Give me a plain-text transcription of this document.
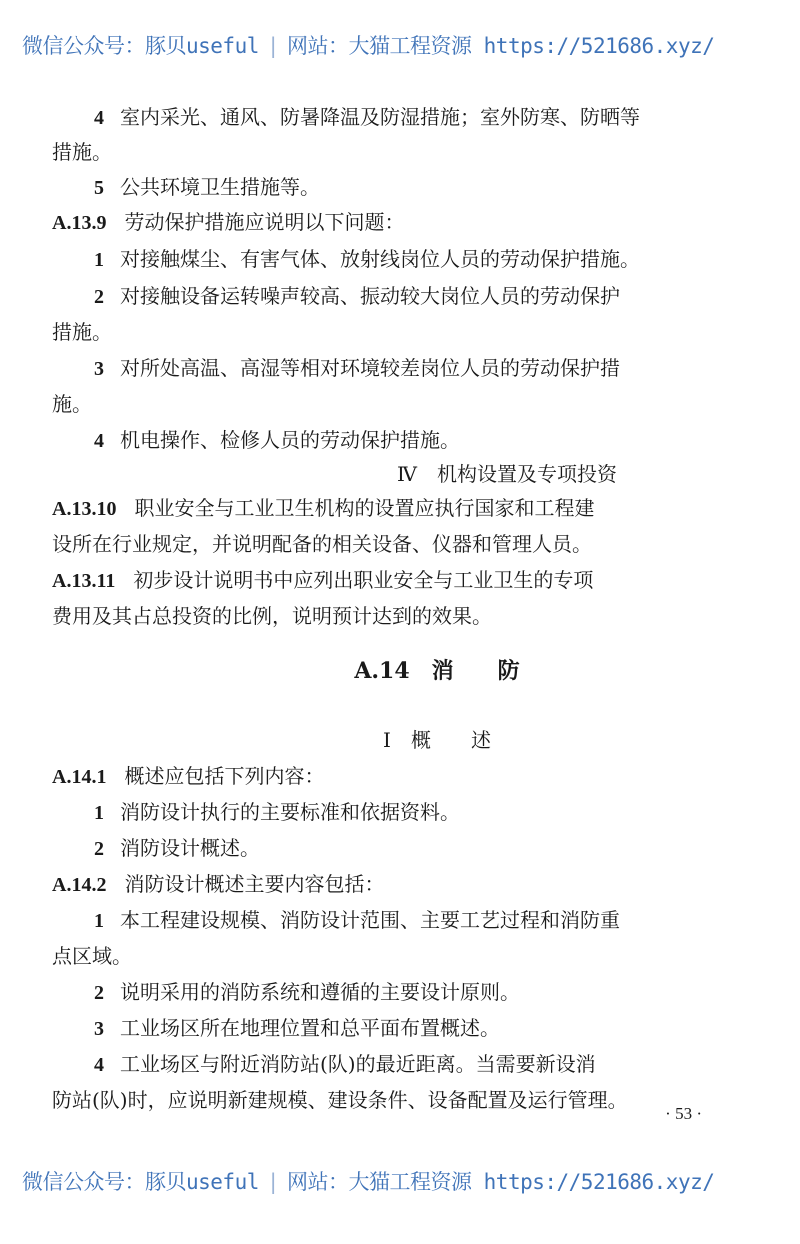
微信公众号：豚贝useful | 网站：大猫工程资源 https://521686.xyz/
4 室内采光、通风、防暑降温及防湿措施；室外防寒、防晒等
措施。
5 公共环境卫生措施等。
A.13.9 劳动保护措施应说明以下问题：
1 对接触煤尘、有害气体、放射线岗位人员的劳动保护措施。
2 对接触设备运转噪声较高、振动较大岗位人员的劳动保护
措施。
3 对所处高温、高湿等相对环境较差岗位人员的劳动保护措
施。
4 机电操作、检修人员的劳动保护措施。
Ⅳ　机构设置及专项投资
A.13.10 职业安全与工业卫生机构的设置应执行国家和工程建
设所在行业规定，并说明配备的相关设备、仪器和管理人员。
A.13.11 初步设计说明书中应列出职业安全与工业卫生的专项
费用及其占总投资的比例，说明预计达到的效果。
A.14　消　　防
Ⅰ　概　　述
A.14.1 概述应包括下列内容：
1 消防设计执行的主要标准和依据资料。
2 消防设计概述。
A.14.2 消防设计概述主要内容包括：
1 本工程建设规模、消防设计范围、主要工艺过程和消防重
点区域。
2 说明采用的消防系统和遵循的主要设计原则。
3 工业场区所在地理位置和总平面布置概述。
4 工业场区与附近消防站(队)的最近距离。当需要新设消
防站(队)时，应说明新建规模、建设条件、设备配置及运行管理。
· 53 ·
微信公众号：豚贝useful | 网站：大猫工程资源 https://521686.xyz/
